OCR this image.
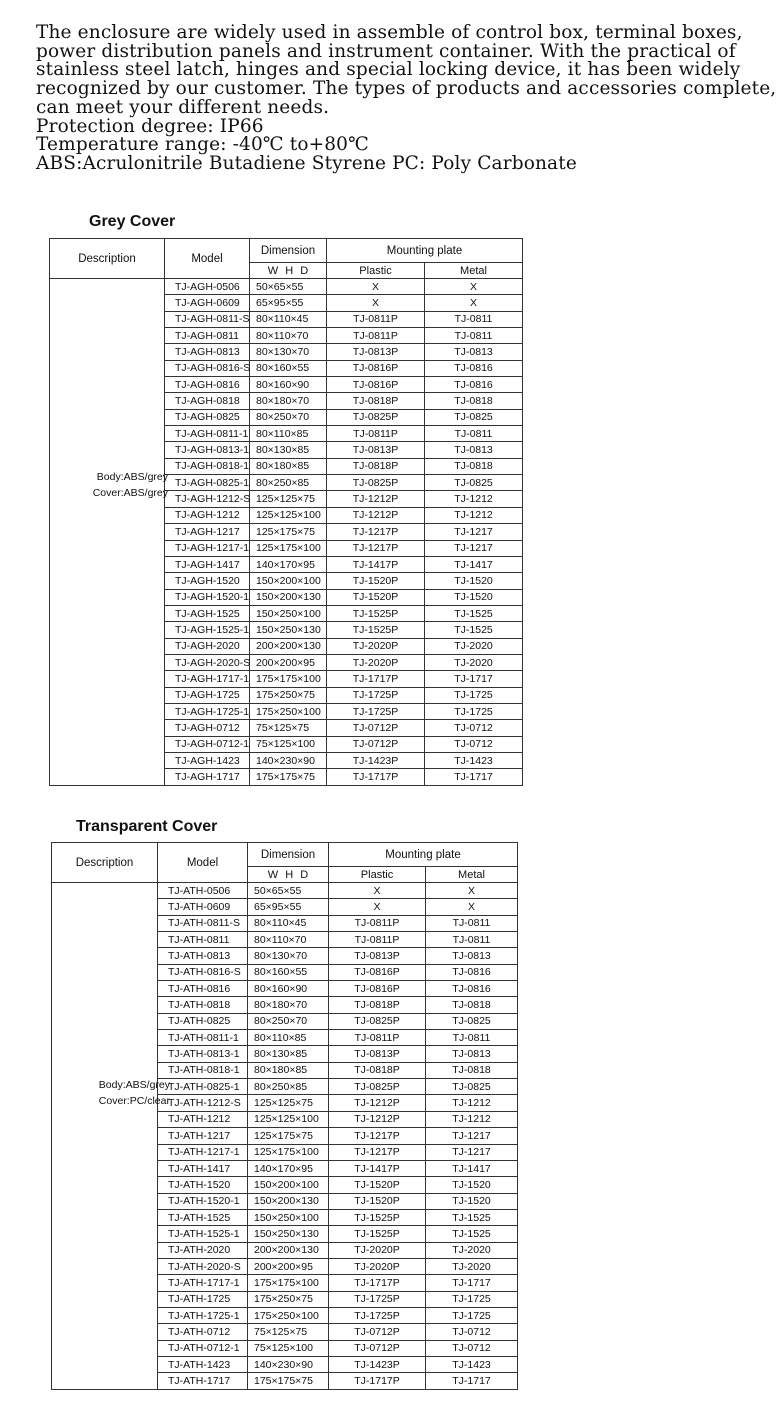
The enclosure are widely used in assemble of control box, terminal boxes,
power distribution panels and instrument container. With the practical of
stainless steel latch, hinges and special locking device, it has been widely
recognized by our customer. The types of products and accessories complete,
can meet your different needs.
Protection degree: IP66
Temperature range: -40℃ to+80℃
ABS:Acrulonitrile Butadiene Styrene PC: Poly Carbonate
Grey Cover
Description	Model	Dimension	Mounting plate	
		W H D	Plastic	Metal

Body:ABS/grey
Cover:ABS/grey	TJ-AGH-0506	50×65×55	X	X
	TJ-AGH-0609	65×95×55	X	X
	TJ-AGH-0811-S	80×110×45	TJ-0811P	TJ-0811
	TJ-AGH-0811	80×110×70	TJ-0811P	TJ-0811
	TJ-AGH-0813	80×130×70	TJ-0813P	TJ-0813
	TJ-AGH-0816-S	80×160×55	TJ-0816P	TJ-0816
	TJ-AGH-0816	80×160×90	TJ-0816P	TJ-0816
	TJ-AGH-0818	80×180×70	TJ-0818P	TJ-0818
	TJ-AGH-0825	80×250×70	TJ-0825P	TJ-0825
	TJ-AGH-0811-1	80×110×85	TJ-0811P	TJ-0811
	TJ-AGH-0813-1	80×130×85	TJ-0813P	TJ-0813
	TJ-AGH-0818-1	80×180×85	TJ-0818P	TJ-0818
	TJ-AGH-0825-1	80×250×85	TJ-0825P	TJ-0825
	TJ-AGH-1212-S	125×125×75	TJ-1212P	TJ-1212
	TJ-AGH-1212	125×125×100	TJ-1212P	TJ-1212
	TJ-AGH-1217	125×175×75	TJ-1217P	TJ-1217
	TJ-AGH-1217-1	125×175×100	TJ-1217P	TJ-1217
	TJ-AGH-1417	140×170×95	TJ-1417P	TJ-1417
	TJ-AGH-1520	150×200×100	TJ-1520P	TJ-1520
	TJ-AGH-1520-1	150×200×130	TJ-1520P	TJ-1520
	TJ-AGH-1525	150×250×100	TJ-1525P	TJ-1525
	TJ-AGH-1525-1	150×250×130	TJ-1525P	TJ-1525
	TJ-AGH-2020	200×200×130	TJ-2020P	TJ-2020
	TJ-AGH-2020-S	200×200×95	TJ-2020P	TJ-2020
	TJ-AGH-1717-1	175×175×100	TJ-1717P	TJ-1717
	TJ-AGH-1725	175×250×75	TJ-1725P	TJ-1725
	TJ-AGH-1725-1	175×250×100	TJ-1725P	TJ-1725
	TJ-AGH-0712	75×125×75	TJ-0712P	TJ-0712
	TJ-AGH-0712-1	75×125×100	TJ-0712P	TJ-0712
	TJ-AGH-1423	140×230×90	TJ-1423P	TJ-1423
	TJ-AGH-1717	175×175×75	TJ-1717P	TJ-1717
Transparent Cover
Description	Model	Dimension	Mounting plate	
		W H D	Plastic	Metal

Body:ABS/grey
Cover:PC/clear	TJ-ATH-0506	50×65×55	X	X
	TJ-ATH-0609	65×95×55	X	X
	TJ-ATH-0811-S	80×110×45	TJ-0811P	TJ-0811
	TJ-ATH-0811	80×110×70	TJ-0811P	TJ-0811
	TJ-ATH-0813	80×130×70	TJ-0813P	TJ-0813
	TJ-ATH-0816-S	80×160×55	TJ-0816P	TJ-0816
	TJ-ATH-0816	80×160×90	TJ-0816P	TJ-0816
	TJ-ATH-0818	80×180×70	TJ-0818P	TJ-0818
	TJ-ATH-0825	80×250×70	TJ-0825P	TJ-0825
	TJ-ATH-0811-1	80×110×85	TJ-0811P	TJ-0811
	TJ-ATH-0813-1	80×130×85	TJ-0813P	TJ-0813
	TJ-ATH-0818-1	80×180×85	TJ-0818P	TJ-0818
	TJ-ATH-0825-1	80×250×85	TJ-0825P	TJ-0825
	TJ-ATH-1212-S	125×125×75	TJ-1212P	TJ-1212
	TJ-ATH-1212	125×125×100	TJ-1212P	TJ-1212
	TJ-ATH-1217	125×175×75	TJ-1217P	TJ-1217
	TJ-ATH-1217-1	125×175×100	TJ-1217P	TJ-1217
	TJ-ATH-1417	140×170×95	TJ-1417P	TJ-1417
	TJ-ATH-1520	150×200×100	TJ-1520P	TJ-1520
	TJ-ATH-1520-1	150×200×130	TJ-1520P	TJ-1520
	TJ-ATH-1525	150×250×100	TJ-1525P	TJ-1525
	TJ-ATH-1525-1	150×250×130	TJ-1525P	TJ-1525
	TJ-ATH-2020	200×200×130	TJ-2020P	TJ-2020
	TJ-ATH-2020-S	200×200×95	TJ-2020P	TJ-2020
	TJ-ATH-1717-1	175×175×100	TJ-1717P	TJ-1717
	TJ-ATH-1725	175×250×75	TJ-1725P	TJ-1725
	TJ-ATH-1725-1	175×250×100	TJ-1725P	TJ-1725
	TJ-ATH-0712	75×125×75	TJ-0712P	TJ-0712
	TJ-ATH-0712-1	75×125×100	TJ-0712P	TJ-0712
	TJ-ATH-1423	140×230×90	TJ-1423P	TJ-1423
	TJ-ATH-1717	175×175×75	TJ-1717P	TJ-1717
